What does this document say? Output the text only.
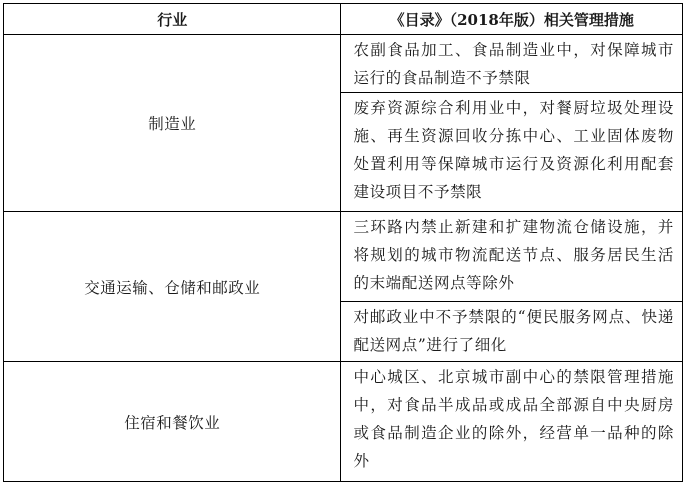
行业	《目录》（2018年版）相关管理措施
制造业	农副食品加工、食品制造业中，对保障城市运行的食品制造不予禁限
	废弃资源综合利用业中，对餐厨垃圾处理设施、再生资源回收分拣中心、工业固体废物处置利用等保障城市运行及资源化利用配套建设项目不予禁限
交通运输、仓储和邮政业	三环路内禁止新建和扩建物流仓储设施，并将规划的城市物流配送节点、服务居民生活的末端配送网点等除外
	对邮政业中不予禁限的“便民服务网点、快递配送网点”进行了细化
住宿和餐饮业	中心城区、北京城市副中心的禁限管理措施中，对食品半成品或成品全部源自中央厨房或食品制造企业的除外，经营单一品种的除外
